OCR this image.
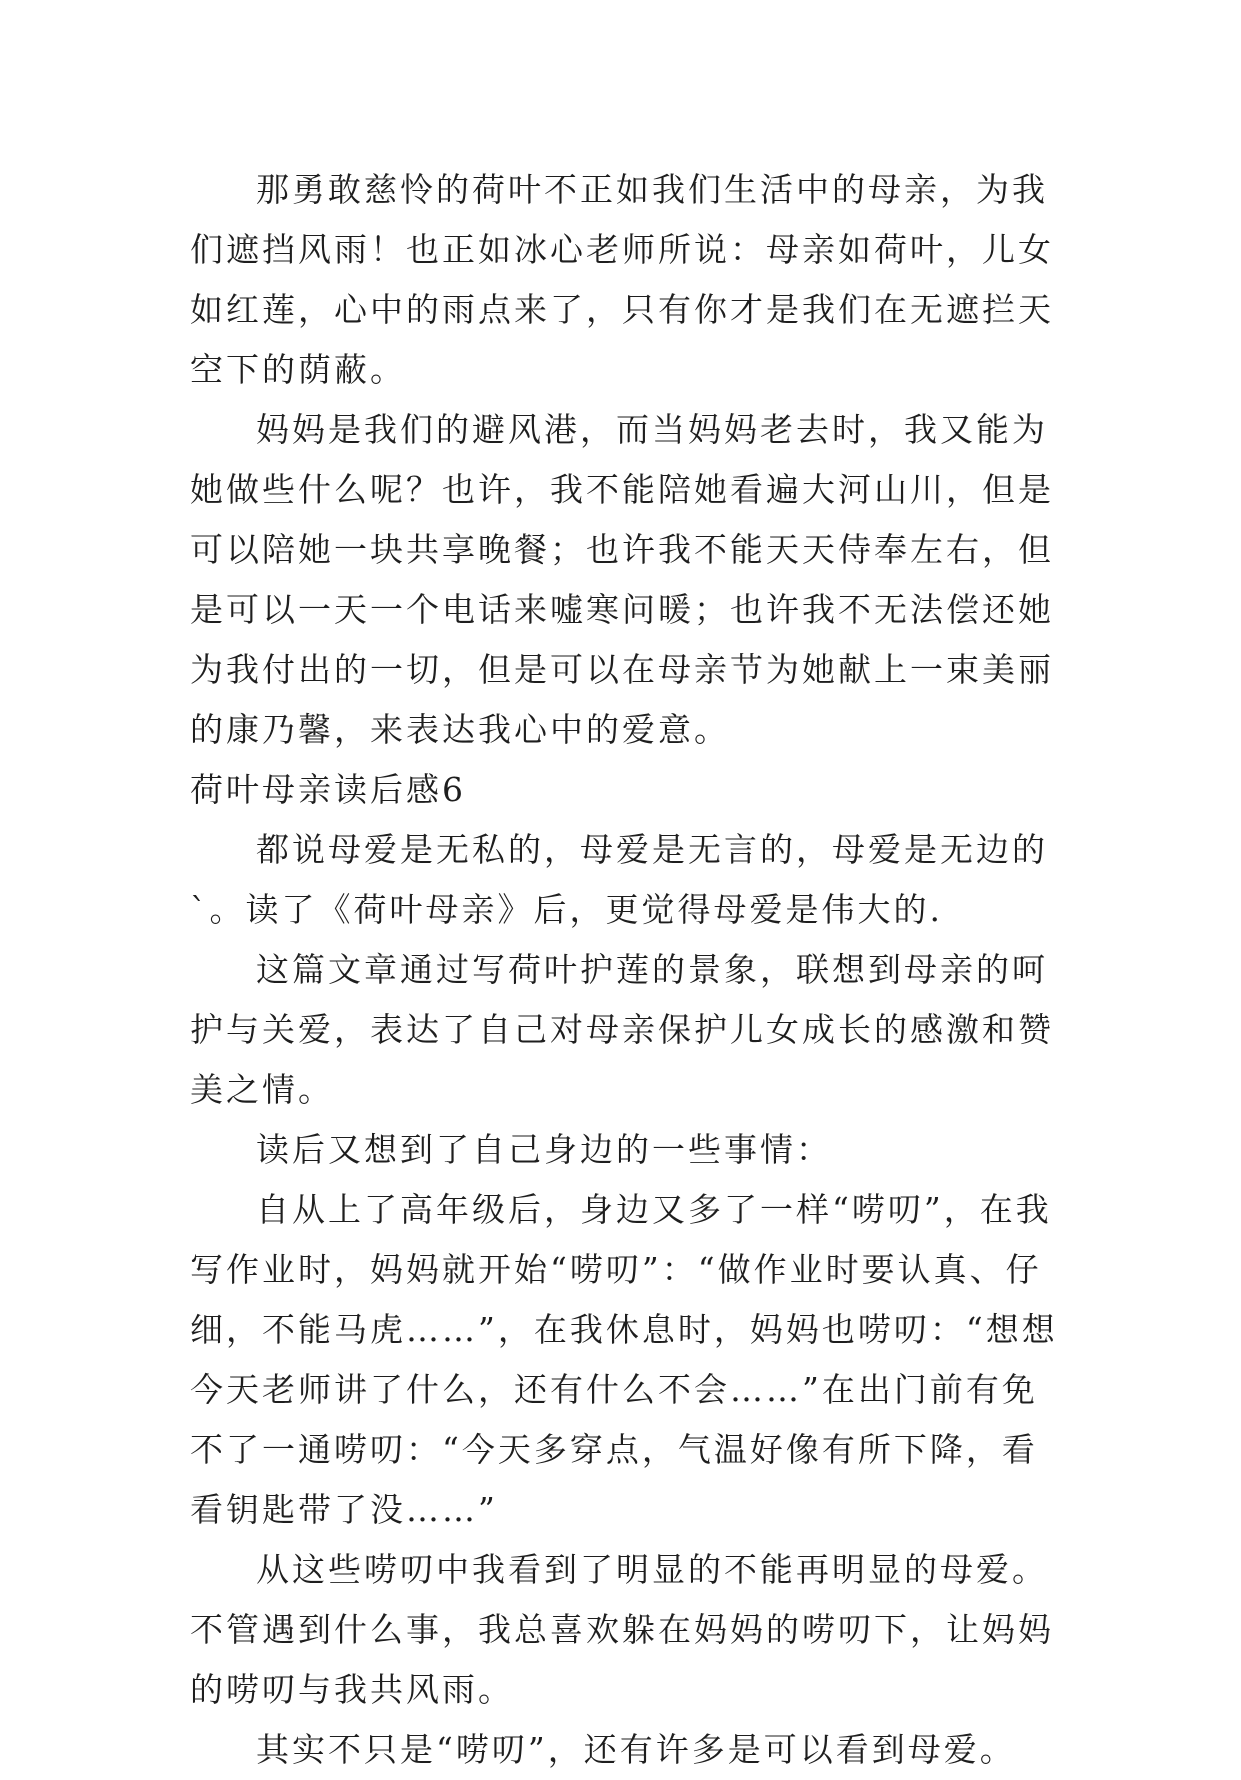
那勇敢慈怜的荷叶不正如我们生活中的母亲，为我们遮挡风雨！也正如冰心老师所说：母亲如荷叶，儿女如红莲，心中的雨点来了，只有你才是我们在无遮拦天空下的荫蔽。

妈妈是我们的避风港，而当妈妈老去时，我又能为她做些什么呢？也许，我不能陪她看遍大河山川，但是可以陪她一块共享晚餐；也许我不能天天侍奉左右，但是可以一天一个电话来嘘寒问暖；也许我不无法偿还她为我付出的一切，但是可以在母亲节为她献上一束美丽的康乃馨，来表达我心中的爱意。

荷叶母亲读后感6

都说母爱是无私的，母爱是无言的，母爱是无边的`。读了《荷叶母亲》后，更觉得母爱是伟大的.

这篇文章通过写荷叶护莲的景象，联想到母亲的呵护与关爱，表达了自己对母亲保护儿女成长的感激和赞美之情。

读后又想到了自己身边的一些事情：

自从上了高年级后，身边又多了一样“唠叨”，在我写作业时，妈妈就开始“唠叨”：“做作业时要认真、仔细，不能马虎……”，在我休息时，妈妈也唠叨：“想想今天老师讲了什么，还有什么不会……”在出门前有免不了一通唠叨：“今天多穿点，气温好像有所下降，看看钥匙带了没……”

从这些唠叨中我看到了明显的不能再明显的母爱。不管遇到什么事，我总喜欢躲在妈妈的唠叨下，让妈妈的唠叨与我共风雨。

其实不只是“唠叨”，还有许多是可以看到母爱。
